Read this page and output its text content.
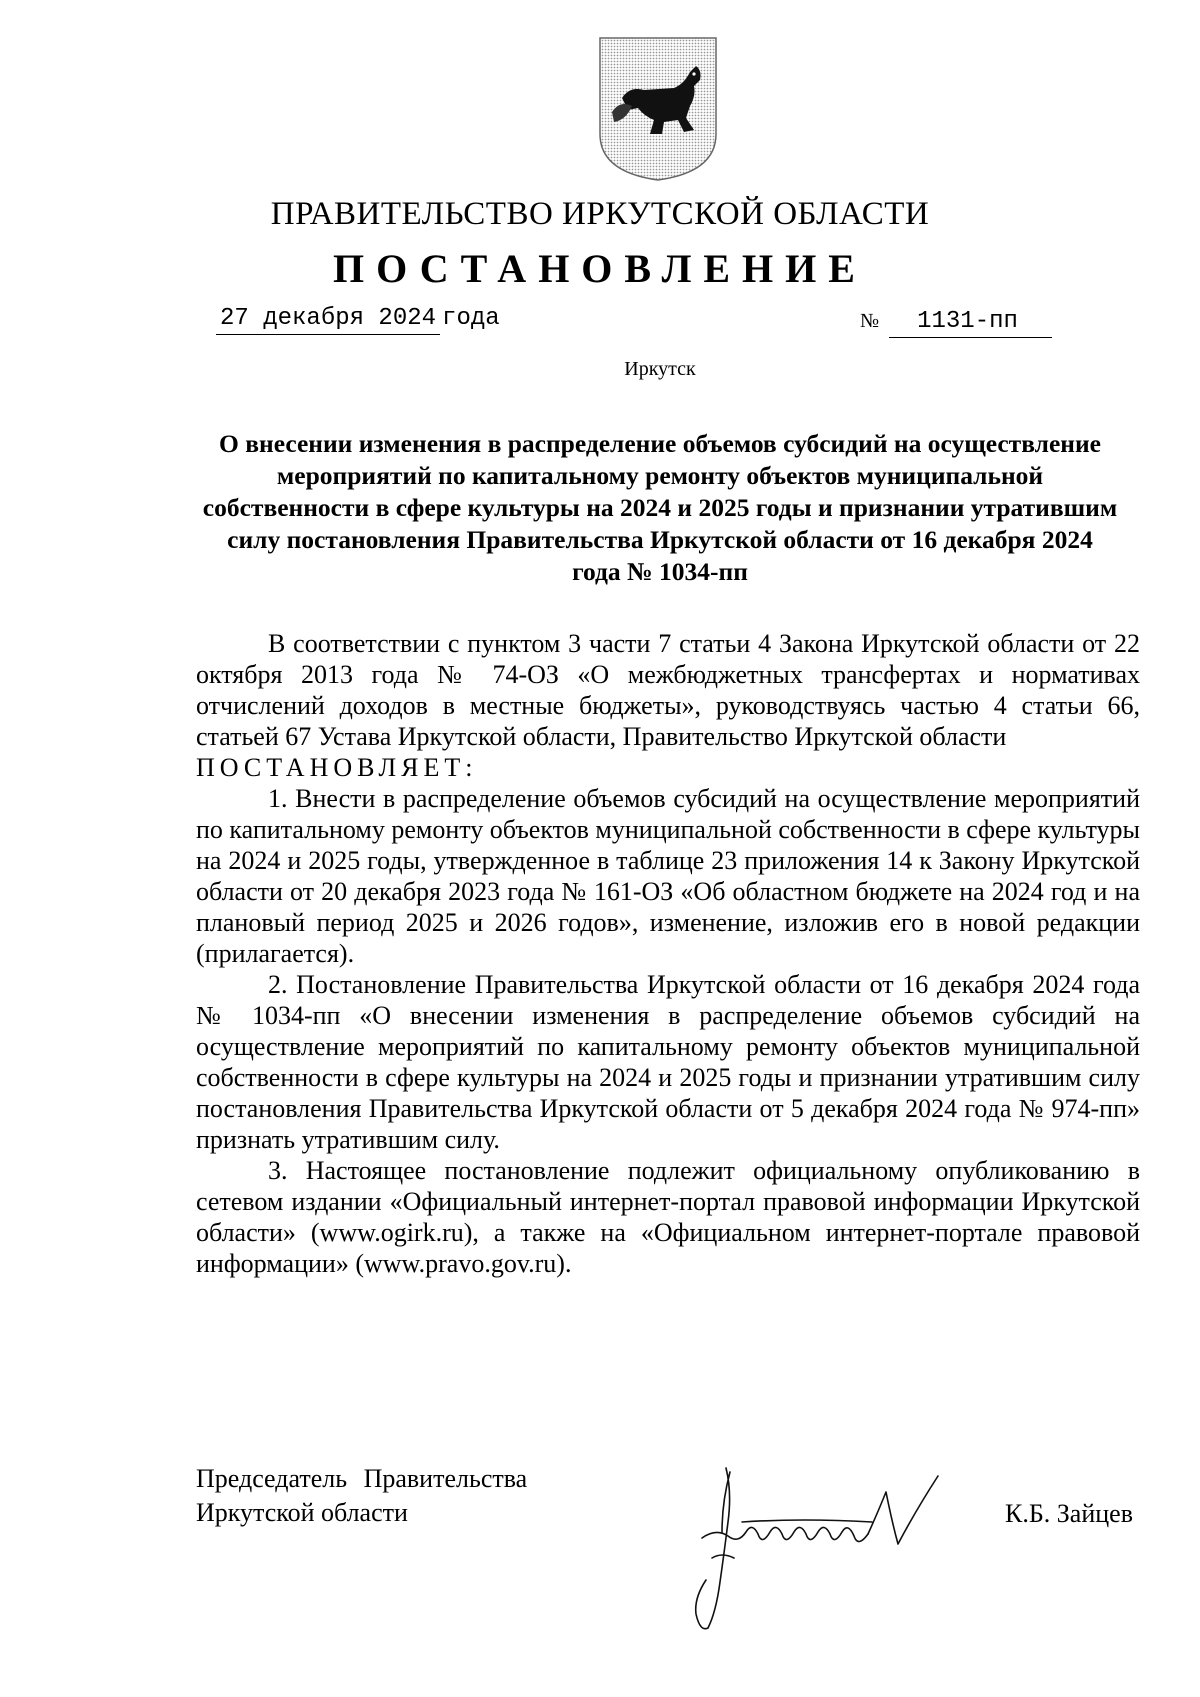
ПРАВИТЕЛЬСТВО ИРКУТСКОЙ ОБЛАСТИ
ПОСТАНОВЛЕНИЕ
27 декабря 2024 года	№ 1131-пп
Иркутск
О внесении изменения в распределение объемов субсидий на осуществление мероприятий по капитальному ремонту объектов муниципальной собственности в сфере культуры на 2024 и 2025 годы и признании утратившим силу постановления Правительства Иркутской области от 16 декабря 2024 года № 1034-пп

В соответствии с пунктом 3 части 7 статьи 4 Закона Иркутской области от 22 октября 2013 года № 74-ОЗ «О межбюджетных трансфертах и нормативах отчислений доходов в местные бюджеты», руководствуясь частью 4 статьи 66, статьей 67 Устава Иркутской области, Правительство Иркутской области

ПОСТАНОВЛЯЕТ:

1. Внести в распределение объемов субсидий на осуществление мероприятий по капитальному ремонту объектов муниципальной собственности в сфере культуры на 2024 и 2025 годы, утвержденное в таблице 23 приложения 14 к Закону Иркутской области от 20 декабря 2023 года № 161-ОЗ «Об областном бюджете на 2024 год и на плановый период 2025 и 2026 годов», изменение, изложив его в новой редакции (прилагается).

2. Постановление Правительства Иркутской области от 16 декабря 2024 года № 1034-пп «О внесении изменения в распределение объемов субсидий на осуществление мероприятий по капитальному ремонту объектов муниципальной собственности в сфере культуры на 2024 и 2025 годы и признании утратившим силу постановления Правительства Иркутской области от 5 декабря 2024 года № 974-пп» признать утратившим силу.

3. Настоящее постановление подлежит официальному опубликованию в сетевом издании «Официальный интернет-портал правовой информации Иркутской области» (www.ogirk.ru), а также на «Официальном интернет-портале правовой информации» (www.pravo.gov.ru).

Председатель Правительства
Иркутской области	К.Б. Зайцев
